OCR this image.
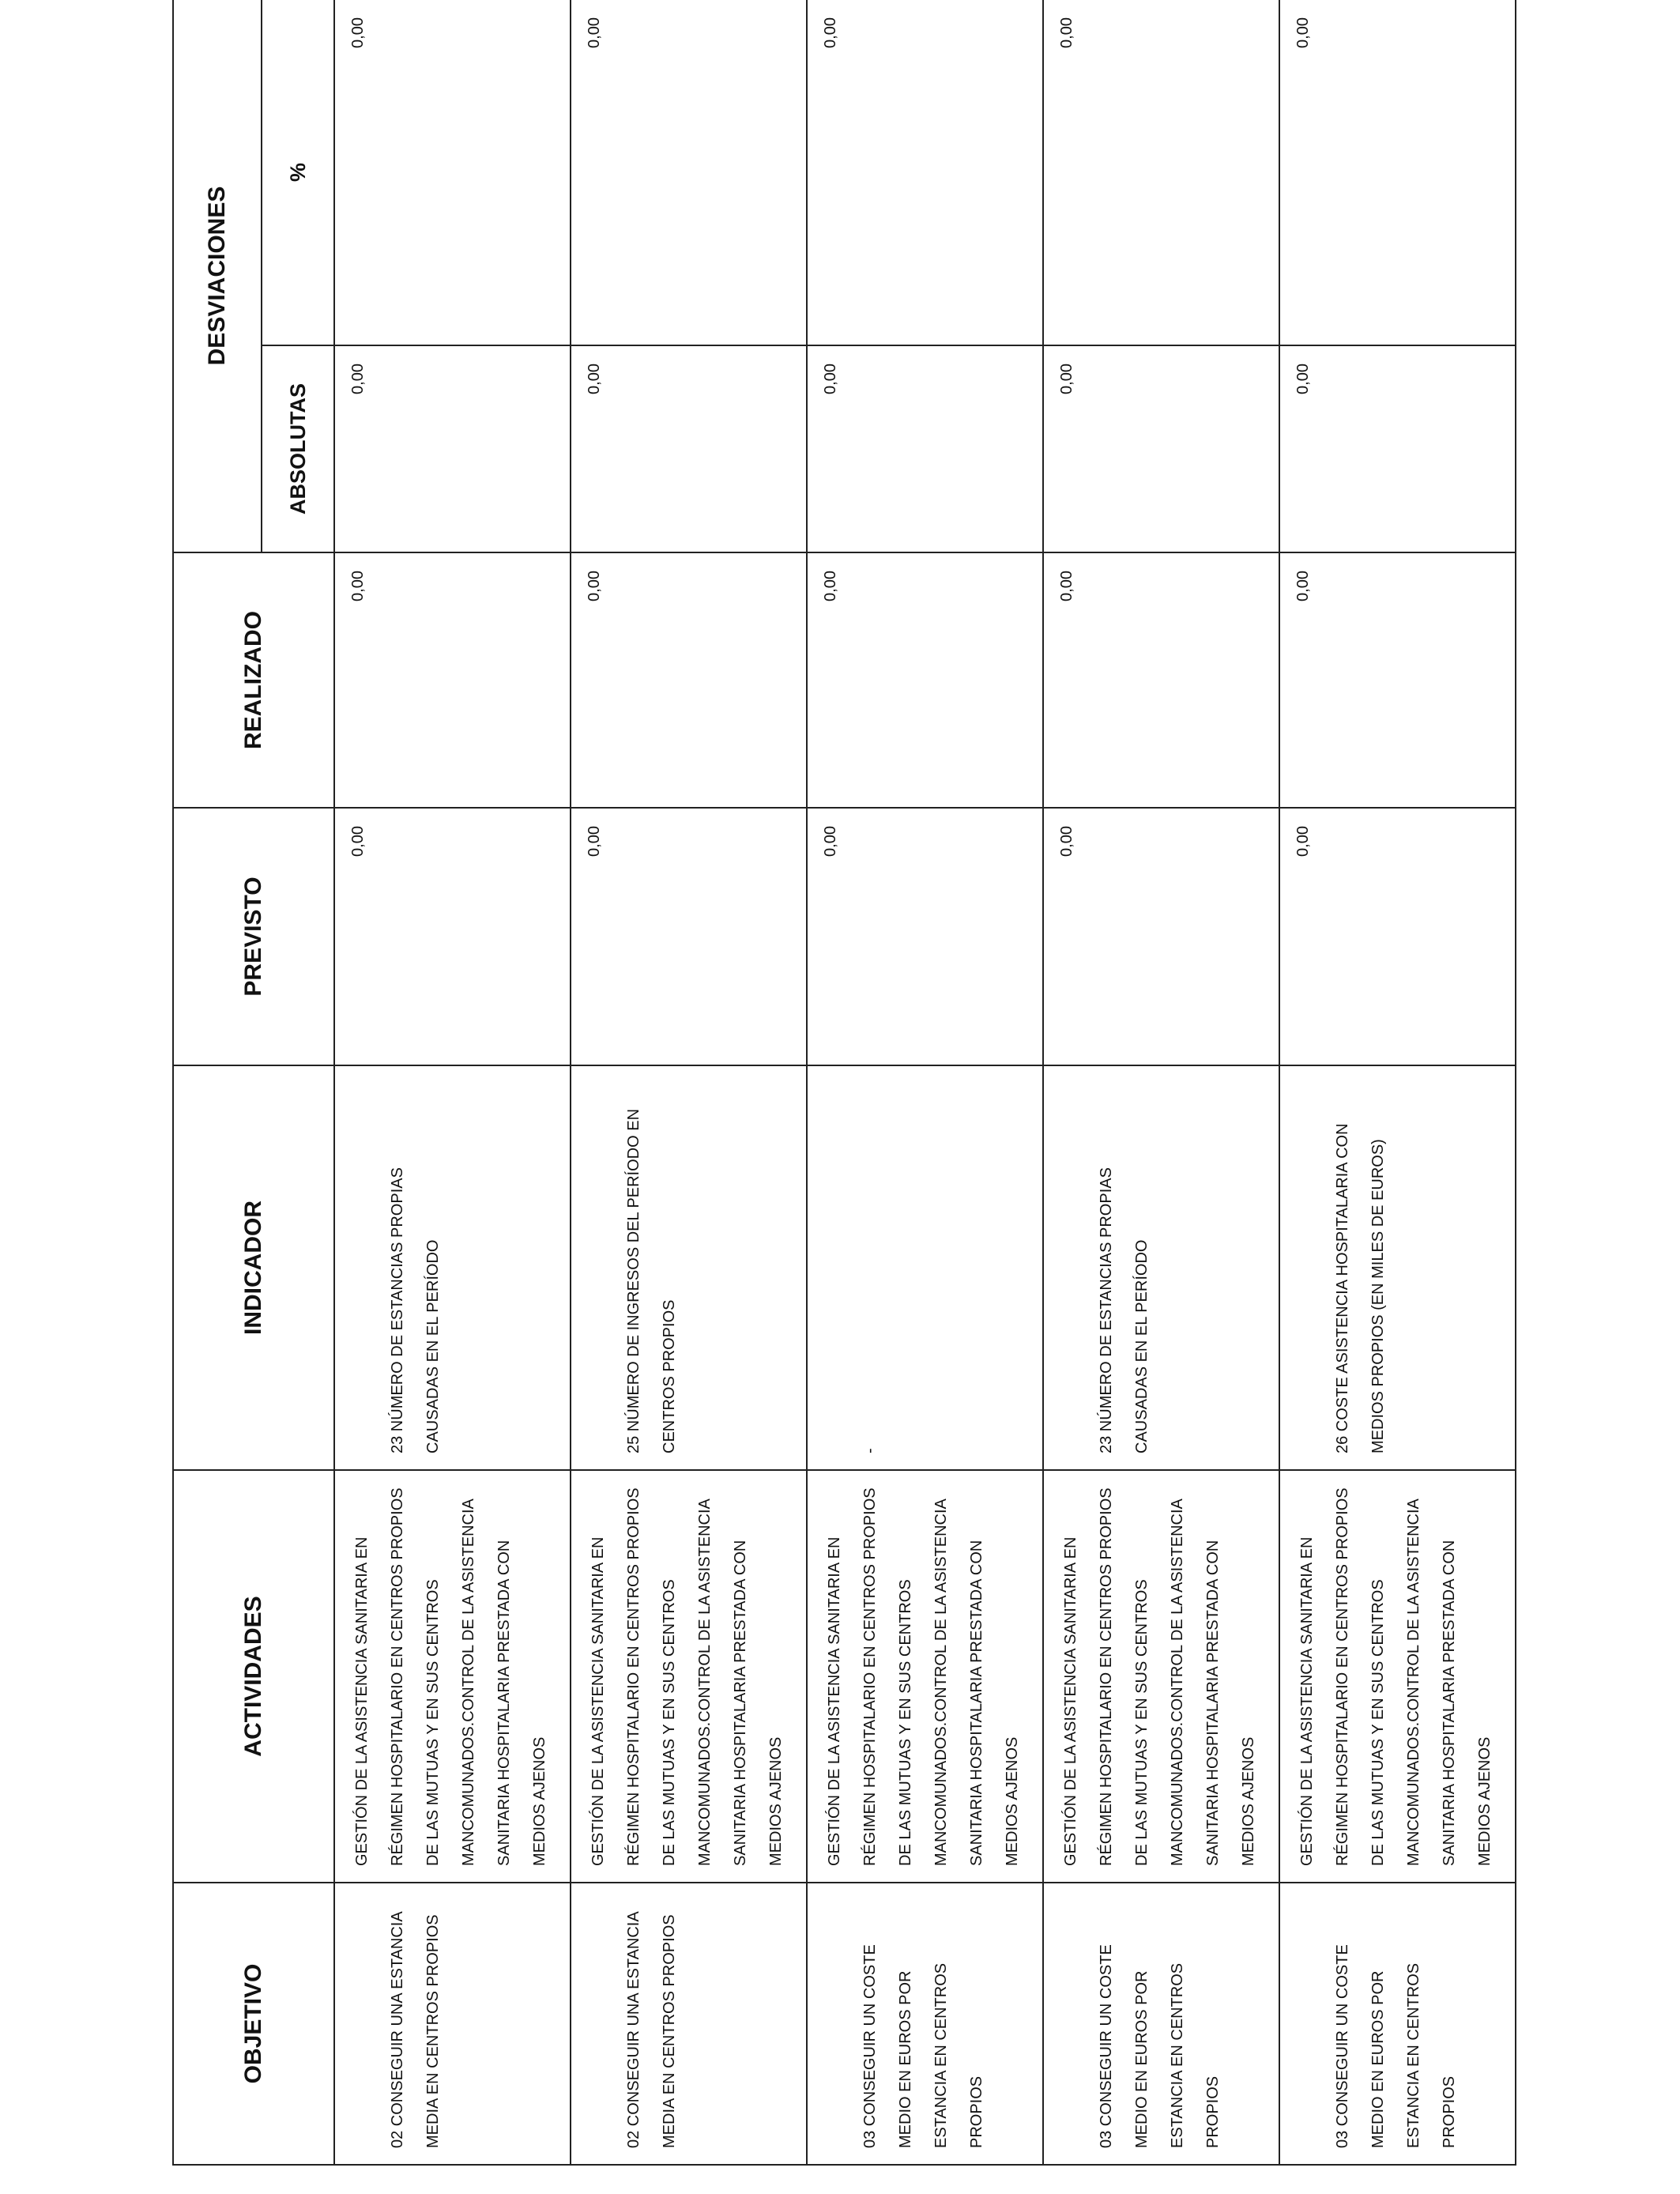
OBJETIVO	ACTIVIDADES	INDICADOR	PREVISTO	REALIZADO	DESVIACIONES	
					ABSOLUTAS	%

02 CONSEGUIR UNA ESTANCIA MEDIA EN CENTROS PROPIOS	GESTIÓN DE LA ASISTENCIA SANITARIA EN RÉGIMEN HOSPITALARIO EN CENTROS PROPIOS DE LAS MUTUAS Y EN SUS CENTROS MANCOMUNADOS.CONTROL DE LA ASISTENCIA SANITARIA HOSPITALARIA PRESTADA CON MEDIOS AJENOS	23 NÚMERO DE ESTANCIAS PROPIAS CAUSADAS EN EL PERÍODO	0,00	0,00	0,00	0,00

02 CONSEGUIR UNA ESTANCIA MEDIA EN CENTROS PROPIOS	GESTIÓN DE LA ASISTENCIA SANITARIA EN RÉGIMEN HOSPITALARIO EN CENTROS PROPIOS DE LAS MUTUAS Y EN SUS CENTROS MANCOMUNADOS.CONTROL DE LA ASISTENCIA SANITARIA HOSPITALARIA PRESTADA CON MEDIOS AJENOS	25 NÚMERO DE INGRESOS DEL PERÍODO EN CENTROS PROPIOS	0,00	0,00	0,00	0,00

03 CONSEGUIR UN COSTE MEDIO EN EUROS POR ESTANCIA EN CENTROS PROPIOS	GESTIÓN DE LA ASISTENCIA SANITARIA EN RÉGIMEN HOSPITALARIO EN CENTROS PROPIOS DE LAS MUTUAS Y EN SUS CENTROS MANCOMUNADOS.CONTROL DE LA ASISTENCIA SANITARIA HOSPITALARIA PRESTADA CON MEDIOS AJENOS	-	0,00	0,00	0,00	0,00

03 CONSEGUIR UN COSTE MEDIO EN EUROS POR ESTANCIA EN CENTROS PROPIOS	GESTIÓN DE LA ASISTENCIA SANITARIA EN RÉGIMEN HOSPITALARIO EN CENTROS PROPIOS DE LAS MUTUAS Y EN SUS CENTROS MANCOMUNADOS.CONTROL DE LA ASISTENCIA SANITARIA HOSPITALARIA PRESTADA CON MEDIOS AJENOS	23 NÚMERO DE ESTANCIAS PROPIAS CAUSADAS EN EL PERÍODO	0,00	0,00	0,00	0,00

03 CONSEGUIR UN COSTE MEDIO EN EUROS POR ESTANCIA EN CENTROS PROPIOS	GESTIÓN DE LA ASISTENCIA SANITARIA EN RÉGIMEN HOSPITALARIO EN CENTROS PROPIOS DE LAS MUTUAS Y EN SUS CENTROS MANCOMUNADOS.CONTROL DE LA ASISTENCIA SANITARIA HOSPITALARIA PRESTADA CON MEDIOS AJENOS	26 COSTE ASISTENCIA HOSPITALARIA CON MEDIOS PROPIOS (EN MILES DE EUROS)	0,00	0,00	0,00	0,00
